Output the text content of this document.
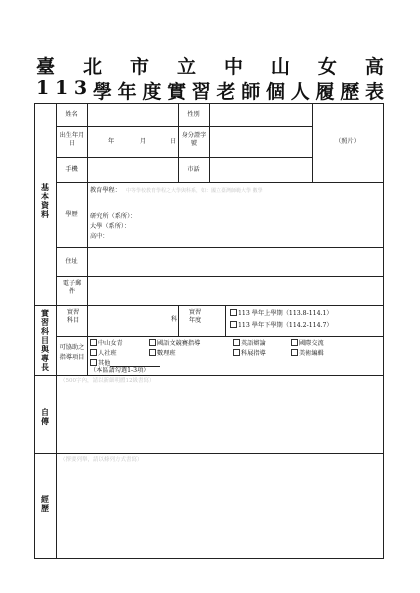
臺 北 市 立 中 山 女 高
1 1 3 學 年 度 實 習 老 師 個 人 履 歷 表
基本資料
姓名	性別
出生年月日	年	月	日
身分證字號	（照片）
手機	市話
學歷
教育學程： 中等學校教育學程之大學與科系，如：國立臺灣師範大學 數學
研究所（系所）：
大學（系所）：
高中：
住址
電子郵件
實習科目與專長
實習科目	科
實習年度
113 學年上學期（113.8-114.1）
113 學年下學期（114.2-114.7）
可協助之指導項目
中山女青	國語文競賽指導	英語辯論	國際交流
人社班	數理班	科展指導	美術編輯
其他
（本區請勾選1-3項）
自傳
（500字內，請以新細明體12級書寫）
經歷
（擇要列舉，請以條列方式書寫）
